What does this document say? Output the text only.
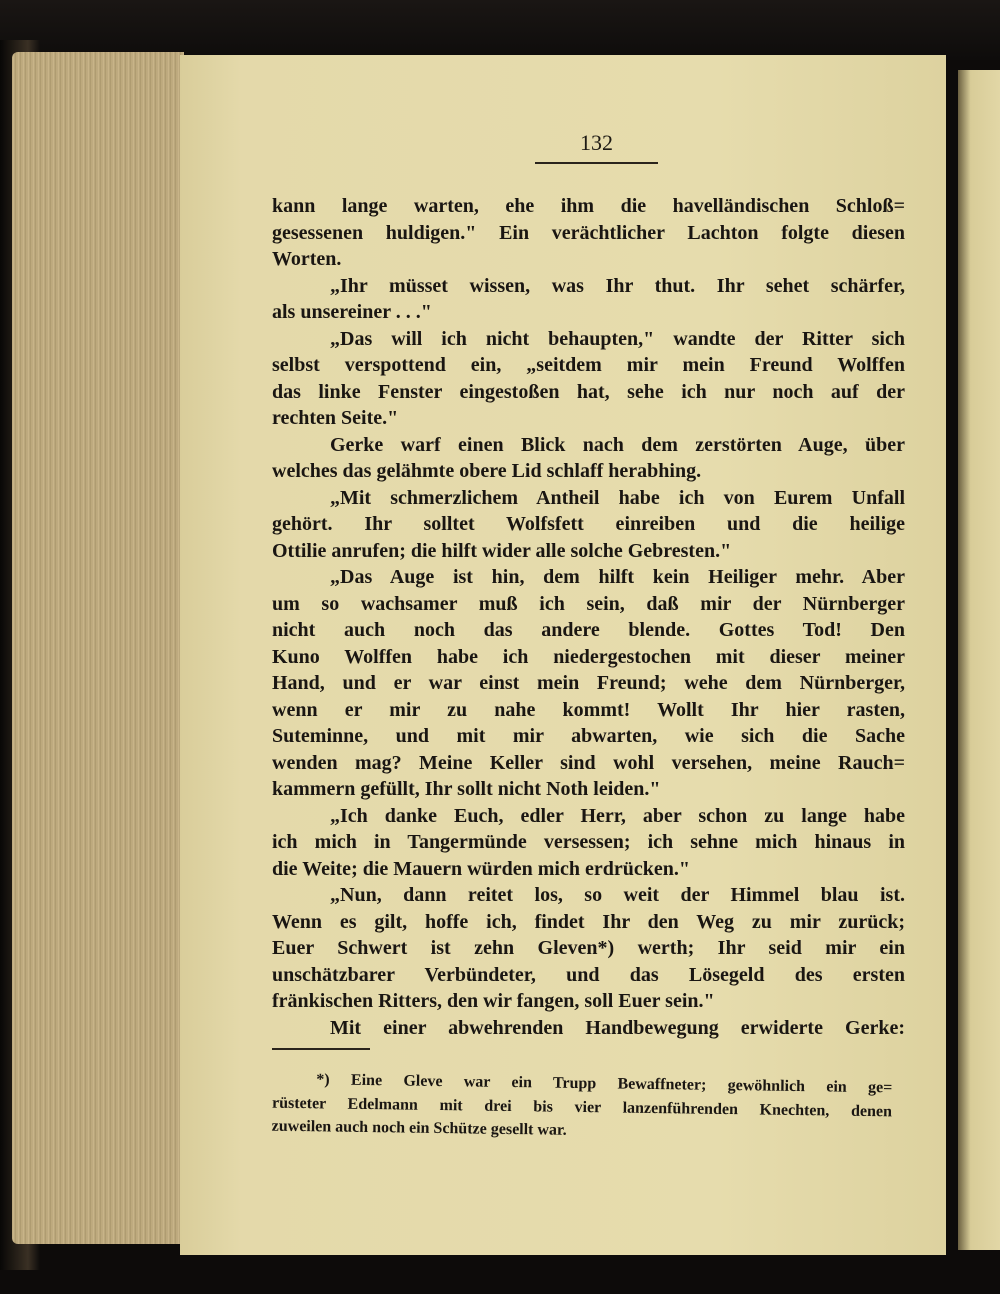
132
kann lange warten, ehe ihm die havelländischen Schloß=
gesessenen huldigen." Ein verächtlicher Lachton folgte diesen
Worten.
„Ihr müsset wissen, was Ihr thut. Ihr sehet schärfer,
als unsereiner . . ."
„Das will ich nicht behaupten," wandte der Ritter sich
selbst verspottend ein, „seitdem mir mein Freund Wolffen
das linke Fenster eingestoßen hat, sehe ich nur noch auf der
rechten Seite."
Gerke warf einen Blick nach dem zerstörten Auge, über
welches das gelähmte obere Lid schlaff herabhing.
„Mit schmerzlichem Antheil habe ich von Eurem Unfall
gehört. Ihr solltet Wolfsfett einreiben und die heilige
Ottilie anrufen; die hilft wider alle solche Gebresten."
„Das Auge ist hin, dem hilft kein Heiliger mehr. Aber
um so wachsamer muß ich sein, daß mir der Nürnberger
nicht auch noch das andere blende. Gottes Tod! Den
Kuno Wolffen habe ich niedergestochen mit dieser meiner
Hand, und er war einst mein Freund; wehe dem Nürnberger,
wenn er mir zu nahe kommt! Wollt Ihr hier rasten,
Suteminne, und mit mir abwarten, wie sich die Sache
wenden mag? Meine Keller sind wohl versehen, meine Rauch=
kammern gefüllt, Ihr sollt nicht Noth leiden."
„Ich danke Euch, edler Herr, aber schon zu lange habe
ich mich in Tangermünde versessen; ich sehne mich hinaus in
die Weite; die Mauern würden mich erdrücken."
„Nun, dann reitet los, so weit der Himmel blau ist.
Wenn es gilt, hoffe ich, findet Ihr den Weg zu mir zurück;
Euer Schwert ist zehn Gleven*) werth; Ihr seid mir ein
unschätzbarer Verbündeter, und das Lösegeld des ersten
fränkischen Ritters, den wir fangen, soll Euer sein."
Mit einer abwehrenden Handbewegung erwiderte Gerke:
*) Eine Gleve war ein Trupp Bewaffneter; gewöhnlich ein ge=
rüsteter Edelmann mit drei bis vier lanzenführenden Knechten, denen
zuweilen auch noch ein Schütze gesellt war.
